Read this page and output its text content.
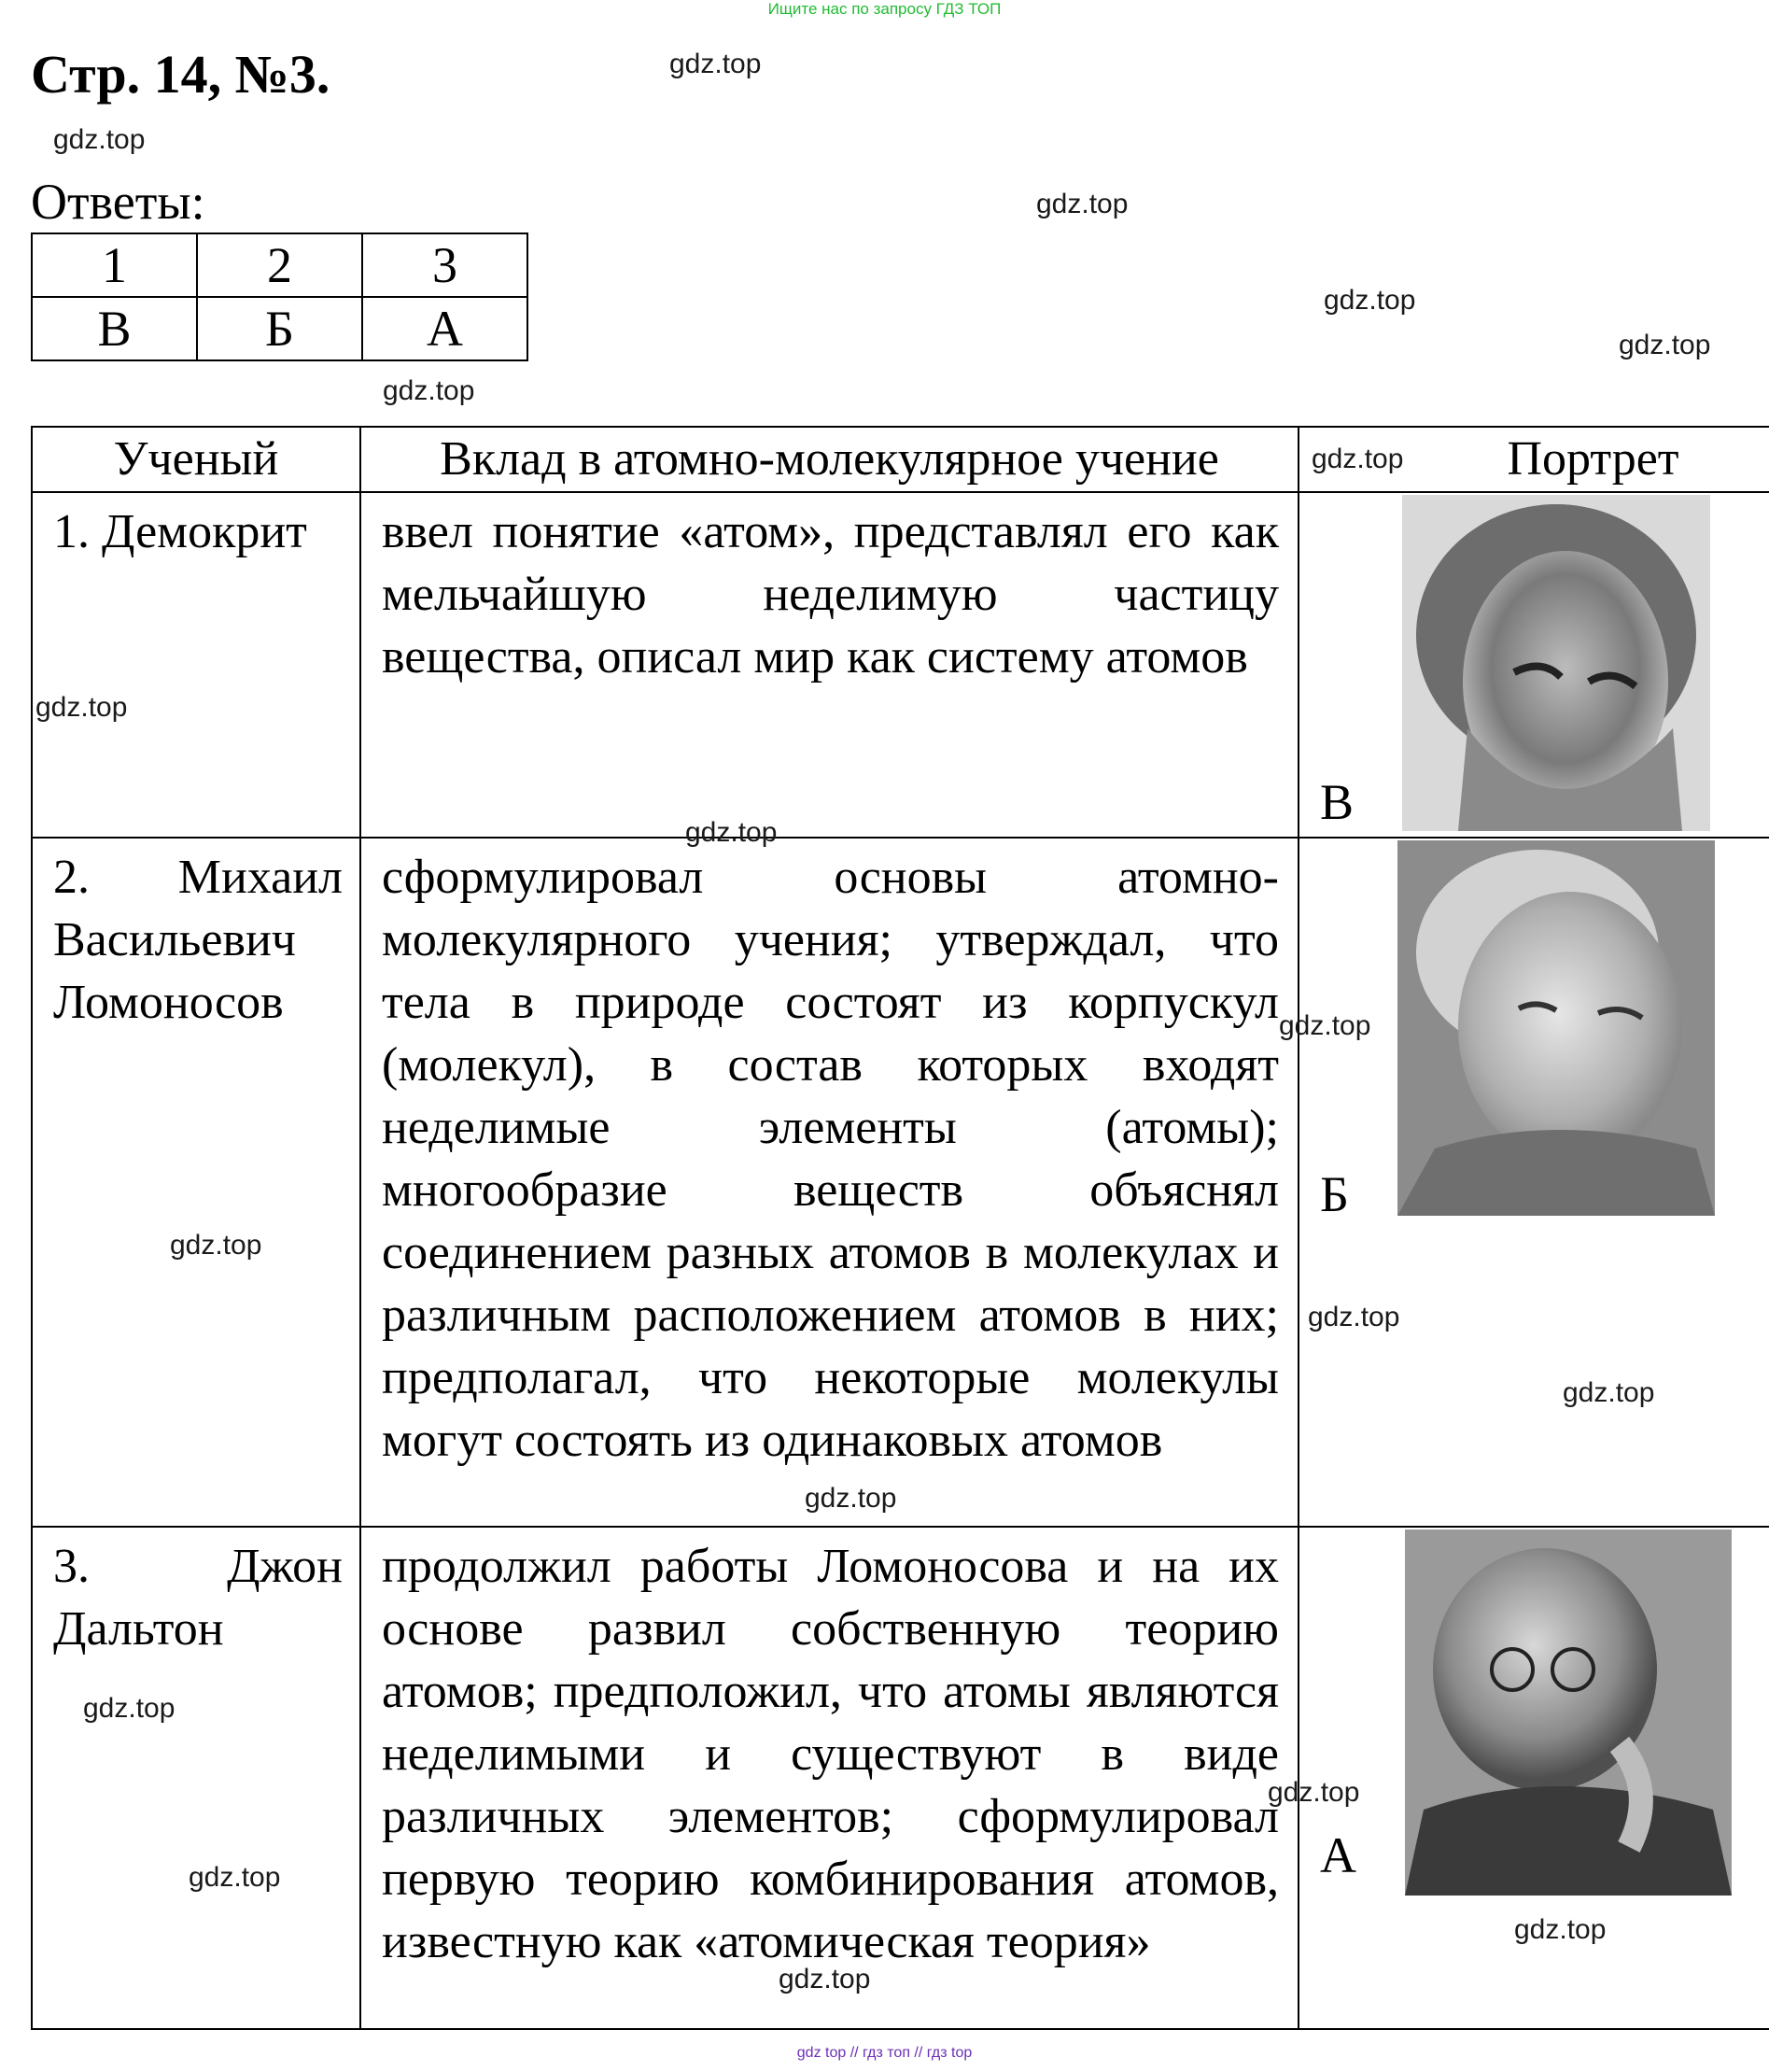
Ищите нас по запросу ГДЗ ТОП
Стр. 14, №3.
Ответы:
1	2	3
В	Б	А
Ученый	Вклад в атомно-молекулярное учение	Портрет
1. Демокрит	ввел понятие «атом», представлял его как мельчайшую неделимую частицу вещества, описал мир как систему атомов	В

2. Михаил Васильевич Ломоносов	сформулировал основы атомно-молекулярного учения; утверждал, что тела в природе состоят из корпускул (молекул), в состав которых входят неделимые элементы (атомы); многообразие веществ объяснял соединением разных атомов в молекулах и различным расположением атомов в них; предполагал, что некоторые молекулы могут состоять из одинаковых атомов	Б

3. Джон Дальтон	продолжил работы Ломоносова и на их основе развил собственную теорию атомов; предположил, что атомы являются неделимыми и существуют в виде различных элементов; сформулировал первую теорию комбинирования атомов, известную как «атомическая теория»	А
gdz.top
gdz.top
gdz.top
gdz.top
gdz.top
gdz.top
gdz.top
gdz.top
gdz.top
gdz.top
gdz.top
gdz.top
gdz.top
gdz.top
gdz.top
gdz.top
gdz.top
gdz.top
gdz.top
gdz top // гдз топ // гдз top
